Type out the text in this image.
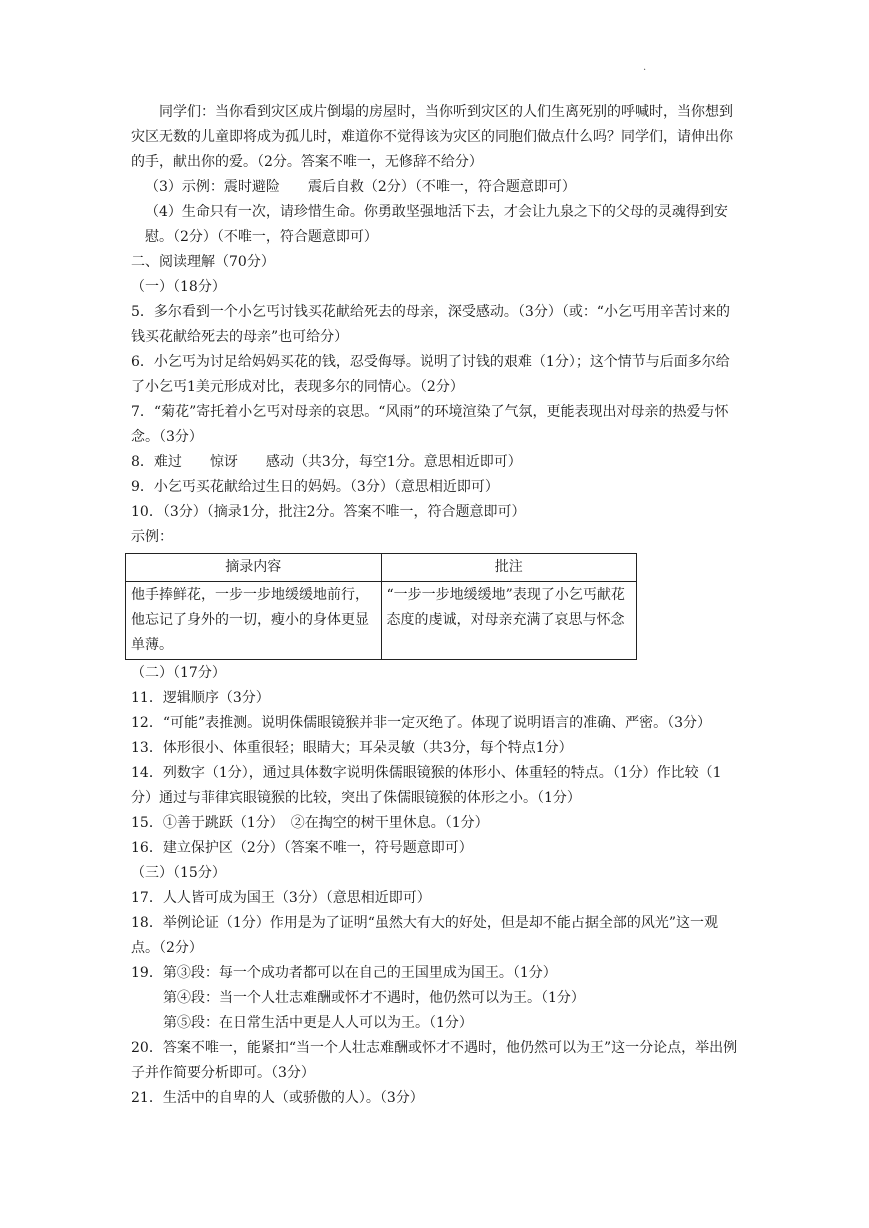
.

同学们：当你看到灾区成片倒塌的房屋时，当你听到灾区的人们生离死别的呼喊时，当你想到灾区无数的儿童即将成为孤儿时，难道你不觉得该为灾区的同胞们做点什么吗？同学们，请伸出你的手，献出你的爱。（2分。答案不唯一，无修辞不给分）

（3）示例：震时避险　　震后自救（2分）（不唯一，符合题意即可）

（4）生命只有一次，请珍惜生命。你勇敢坚强地活下去，才会让九泉之下的父母的灵魂得到安慰。（2分）（不唯一，符合题意即可）

二、阅读理解（70分）

（一）（18分）

5．多尔看到一个小乞丐讨钱买花献给死去的母亲，深受感动。（3分）（或：“小乞丐用辛苦讨来的钱买花献给死去的母亲”也可给分）

6．小乞丐为讨足给妈妈买花的钱，忍受侮辱。说明了讨钱的艰难（1分）；这个情节与后面多尔给了小乞丐1美元形成对比，表现多尔的同情心。（2分）

7．“菊花”寄托着小乞丐对母亲的哀思。“风雨”的环境渲染了气氛，更能表现出对母亲的热爱与怀念。（3分）

8．难过　　惊讶　　感动（共3分，每空1分。意思相近即可）

9．小乞丐买花献给过生日的妈妈。（3分）（意思相近即可）

10．（3分）（摘录1分，批注2分。答案不唯一，符合题意即可）

示例：

摘录内容	批注
他手捧鲜花，一步一步地缓缓地前行，他忘记了身外的一切，瘦小的身体更显单薄。	“一步一步地缓缓地”表现了小乞丐献花态度的虔诚，对母亲充满了哀思与怀念

（二）（17分）

11．逻辑顺序（3分）

12．“可能”表推测。说明侏儒眼镜猴并非一定灭绝了。体现了说明语言的准确、严密。（3分）

13．体形很小、体重很轻；眼睛大；耳朵灵敏（共3分，每个特点1分）

14．列数字（1分），通过具体数字说明侏儒眼镜猴的体形小、体重轻的特点。（1分）作比较（1分）通过与菲律宾眼镜猴的比较，突出了侏儒眼镜猴的体形之小。（1分）

15．①善于跳跃（1分）　②在掏空的树干里休息。（1分）

16．建立保护区（2分）（答案不唯一，符号题意即可）

（三）（15分）

17．人人皆可成为国王（3分）（意思相近即可）

18．举例论证（1分）作用是为了证明“虽然大有大的好处，但是却不能占据全部的风光”这一观点。（2分）

19．第③段：每一个成功者都可以在自己的王国里成为国王。（1分）

第④段：当一个人壮志难酬或怀才不遇时，他仍然可以为王。（1分）

第⑤段：在日常生活中更是人人可以为王。（1分）

20．答案不唯一，能紧扣“当一个人壮志难酬或怀才不遇时，他仍然可以为王”这一分论点，举出例子并作简要分析即可。（3分）

21．生活中的自卑的人（或骄傲的人）。（3分）
